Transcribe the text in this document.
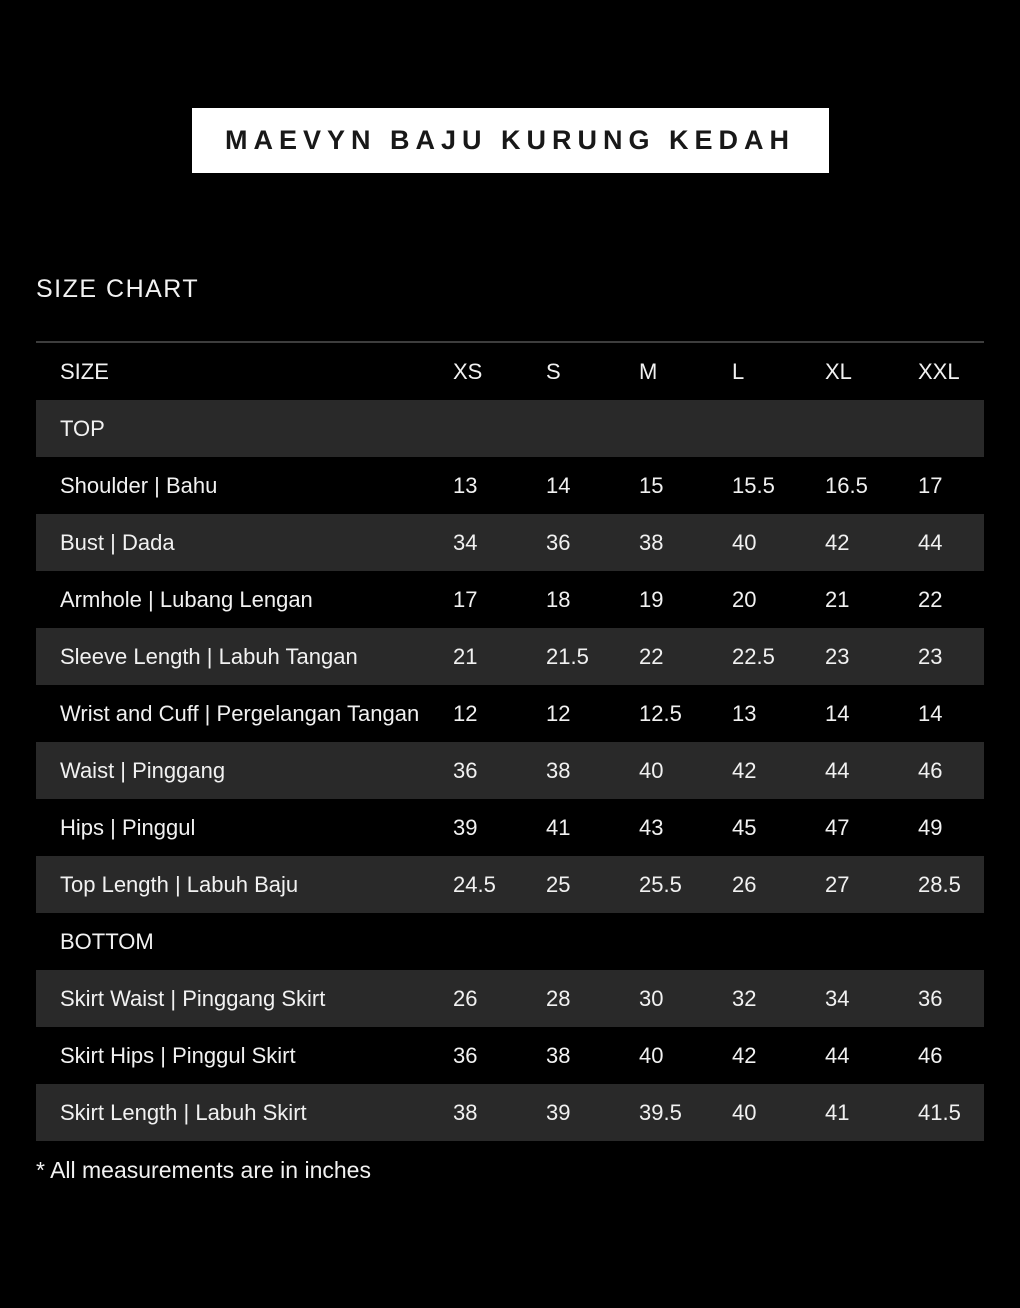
MAEVYN BAJU KURUNG KEDAH
SIZE CHART
SIZE	XS	S	M	L	XL	XXL
TOP
Shoulder | Bahu	13	14	15	15.5	16.5	17
Bust | Dada	34	36	38	40	42	44
Armhole | Lubang Lengan	17	18	19	20	21	22
Sleeve Length | Labuh Tangan	21	21.5	22	22.5	23	23
Wrist and Cuff | Pergelangan Tangan	12	12	12.5	13	14	14
Waist | Pinggang	36	38	40	42	44	46
Hips | Pinggul	39	41	43	45	47	49
Top Length | Labuh Baju	24.5	25	25.5	26	27	28.5
BOTTOM
Skirt Waist | Pinggang Skirt	26	28	30	32	34	36
Skirt Hips | Pinggul Skirt	36	38	40	42	44	46
Skirt Length | Labuh Skirt	38	39	39.5	40	41	41.5

* All measurements are in inches
